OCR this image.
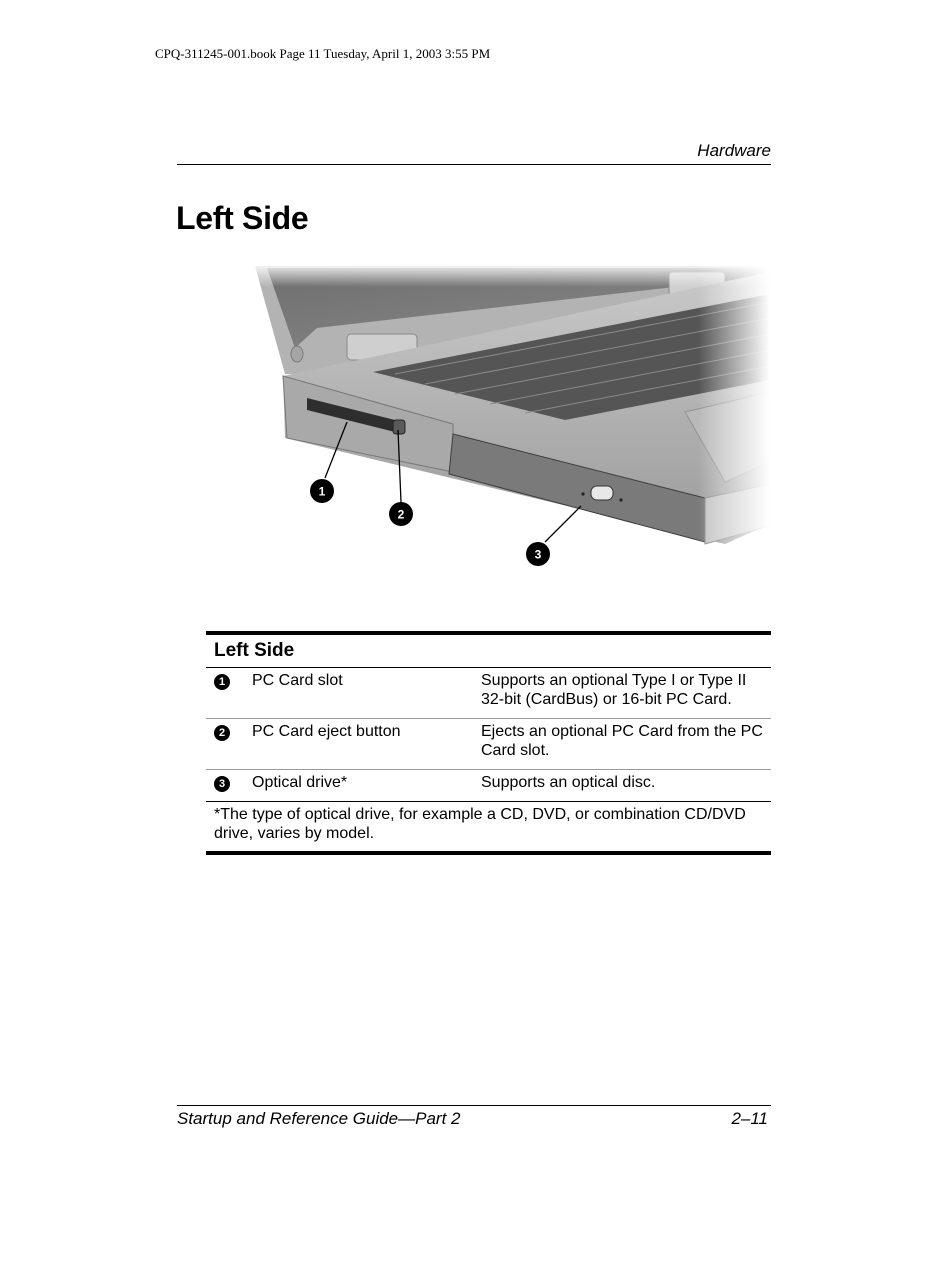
CPQ-311245-001.book Page 11 Tuesday, April 1, 2003 3:55 PM
Hardware
Left Side
1
2
3
Left Side		
1	PC Card slot	Supports an optional Type I or Type II 32-bit (CardBus) or 16-bit PC Card.
2	PC Card eject button	Ejects an optional PC Card from the PC Card slot.
3	Optical drive*	Supports an optical disc.
*The type of optical drive, for example a CD, DVD, or combination CD/DVD drive, varies by model.		
Startup and Reference Guide—Part 2	2–11
